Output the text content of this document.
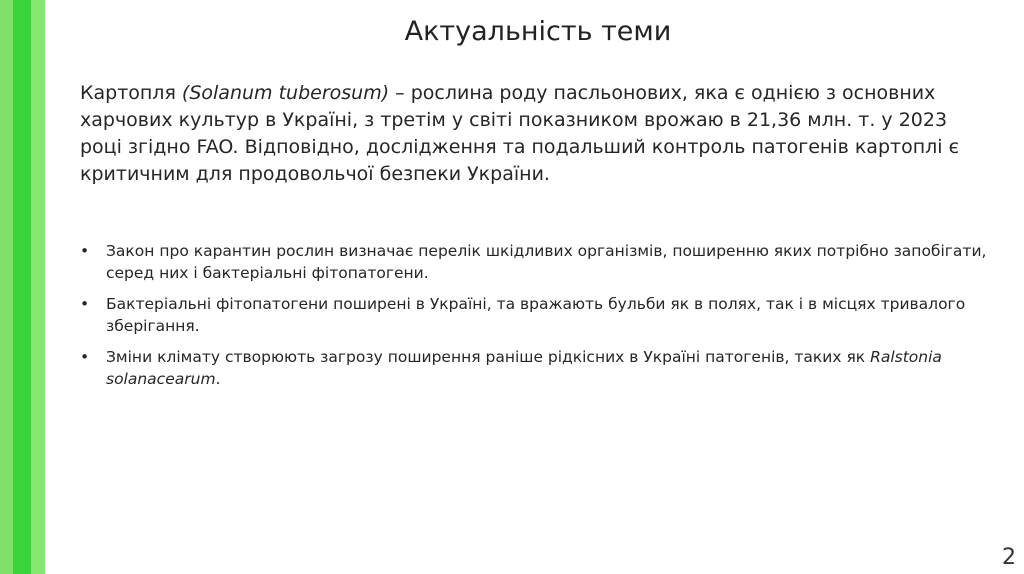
Актуальність теми
Картопля (Solanum tuberosum) – рослина роду пасльонових, яка є однією з основних харчових культур в Україні, з третім у світі показником врожаю в 21,36 млн. т. у 2023 році згідно FAO. Відповідно, дослідження та подальший контроль патогенів картоплі є критичним для продовольчої безпеки України.
• Закон про карантин рослин визначає перелік шкідливих організмів, поширенню яких потрібно запобігати, серед них і бактеріальні фітопатогени.
• Бактеріальні фітопатогени поширені в Україні, та вражають бульби як в полях, так і в місцях тривалого зберігання.
• Зміни клімату створюють загрозу поширення раніше рідкісних в Україні патогенів, таких як Ralstonia solanacearum.
2
